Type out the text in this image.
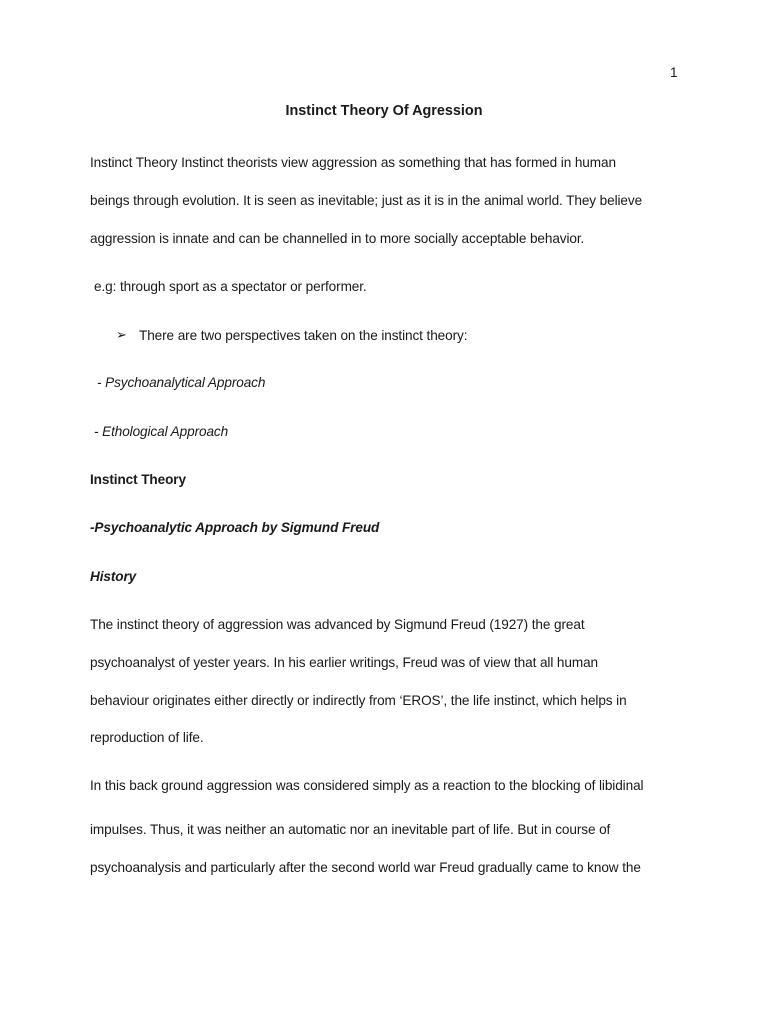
1
Instinct Theory Of Agression
Instinct Theory Instinct theorists view aggression as something that has formed in human
beings through evolution. It is seen as inevitable; just as it is in the animal world. They believe
aggression is innate and can be channelled in to more socially acceptable behavior.
e.g: through sport as a spectator or performer.
➢ There are two perspectives taken on the instinct theory:
- Psychoanalytical Approach
- Ethological Approach
Instinct Theory
-Psychoanalytic Approach by Sigmund Freud
History
The instinct theory of aggression was advanced by Sigmund Freud (1927) the great
psychoanalyst of yester years. In his earlier writings, Freud was of view that all human
behaviour originates either directly or indirectly from ‘EROS’, the life instinct, which helps in
reproduction of life.
In this back ground aggression was considered simply as a reaction to the blocking of libidinal
impulses. Thus, it was neither an automatic nor an inevitable part of life. But in course of
psychoanalysis and particularly after the second world war Freud gradually came to know the
